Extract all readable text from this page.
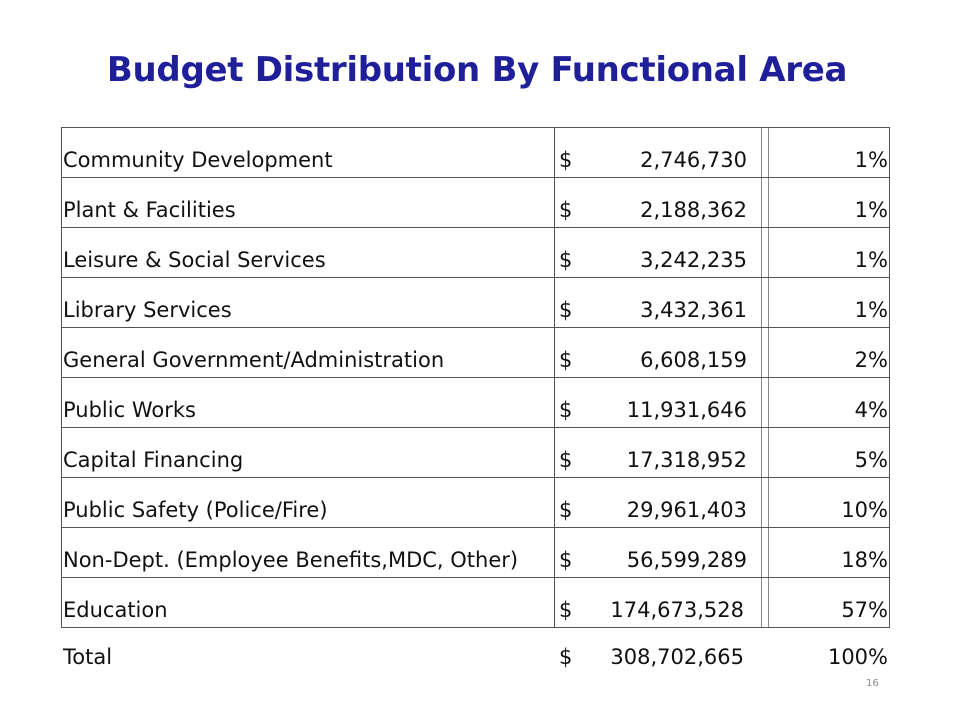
Budget Distribution By Functional Area
Community Development	$	2,746,730	1%
Plant & Facilities	$	2,188,362	1%
Leisure & Social Services	$	3,242,235	1%
Library Services	$	3,432,361	1%
General Government/Administration	$	6,608,159	2%
Public Works	$	11,931,646	4%
Capital Financing	$	17,318,952	5%
Public Safety (Police/Fire)	$	29,961,403	10%
Non-Dept. (Employee Benefits,MDC, Other) $	56,599,289	18%
Education	$ 174,673,528	57%
Total	$ 308,702,665	100%
16
